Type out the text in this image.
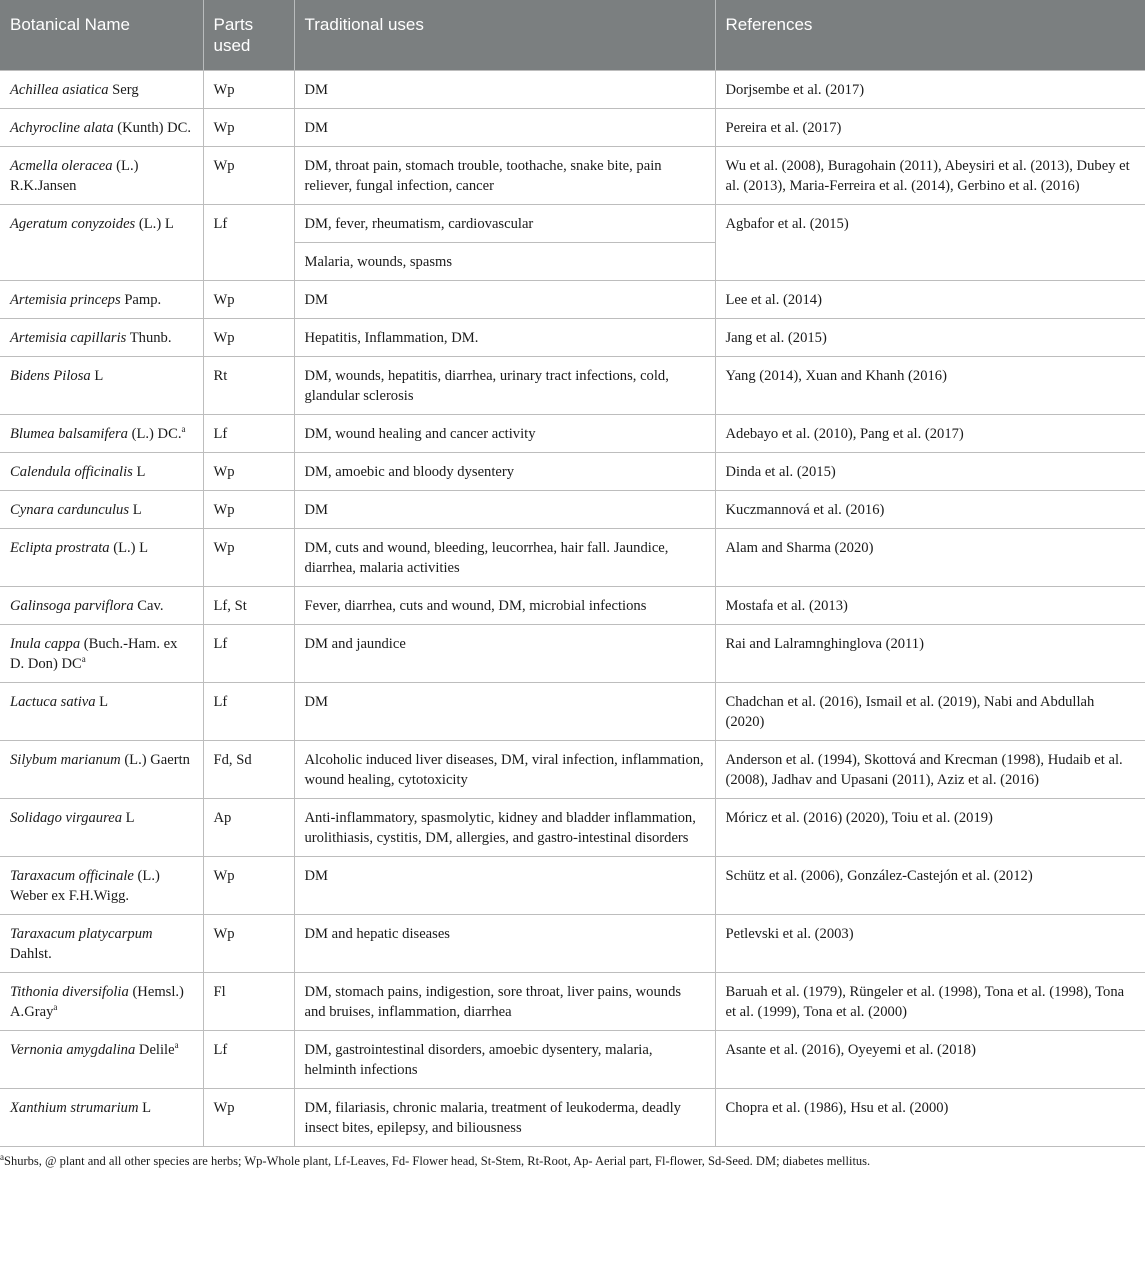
Botanical Name	Parts used	Traditional uses	References
Achillea asiatica Serg	Wp	DM	Dorjsembe et al. (2017)
Achyrocline alata (Kunth) DC.	Wp	DM	Pereira et al. (2017)
Acmella oleracea (L.) R.K.Jansen	Wp	DM, throat pain, stomach trouble, toothache, snake bite, pain reliever, fungal infection, cancer	Wu et al. (2008), Buragohain (2011), Abeysiri et al. (2013), Dubey et al. (2013), Maria-Ferreira et al. (2014), Gerbino et al. (2016)
Ageratum conyzoides (L.) L	Lf	DM, fever, rheumatism, cardiovascular	Agbafor et al. (2015)
		Malaria, wounds, spasms	
Artemisia princeps Pamp.	Wp	DM	Lee et al. (2014)
Artemisia capillaris Thunb.	Wp	Hepatitis, Inflammation, DM.	Jang et al. (2015)
Bidens Pilosa L	Rt	DM, wounds, hepatitis, diarrhea, urinary tract infections, cold, glandular sclerosis	Yang (2014), Xuan and Khanh (2016)
Blumea balsamifera (L.) DC.$^a$	Lf	DM, wound healing and cancer activity	Adebayo et al. (2010), Pang et al. (2017)
Calendula officinalis L	Wp	DM, amoebic and bloody dysentery	Dinda et al. (2015)
Cynara cardunculus L	Wp	DM	Kuczmannová et al. (2016)
Eclipta prostrata (L.) L	Wp	DM, cuts and wound, bleeding, leucorrhea, hair fall. Jaundice, diarrhea, malaria activities	Alam and Sharma (2020)
Galinsoga parviflora Cav.	Lf, St	Fever, diarrhea, cuts and wound, DM, microbial infections	Mostafa et al. (2013)
Inula cappa (Buch.-Ham. ex D. Don) $DC^a$	Lf	DM and jaundice	Rai and Lalramnghinglova (2011)
Lactuca sativa L	Lf	DM	Chadchan et al. (2016), Ismail et al. (2019), Nabi and Abdullah (2020)
Silybum marianum (L.) Gaertn	Fd, Sd	Alcoholic induced liver diseases, DM, viral infection, inflammation, wound healing, cytotoxicity	Anderson et al. (1994), Skottová and Krecman (1998), Hudaib et al. (2008), Jadhav and Upasani (2011), Aziz et al. (2016)
Solidago virgaurea L	Ap	Anti-inflammatory, spasmolytic, kidney and bladder inflammation, urolithiasis, cystitis, DM, allergies, and gastro-intestinal disorders	Móricz et al. (2016) (2020), Toiu et al. (2019)
Taraxacum officinale (L.) Weber ex F.H.Wigg.	Wp	DM	Schütz et al. (2006), González-Castejón et al. (2012)
Taraxacum platycarpum Dahlst.	Wp	DM and hepatic diseases	Petlevski et al. (2003)
Tithonia diversifolia (Hemsl.) A.Gray$^a$	Fl	DM, stomach pains, indigestion, sore throat, liver pains, wounds and bruises, inflammation, diarrhea	Baruah et al. (1979), Rüngeler et al. (1998), Tona et al. (1998), Tona et al. (1999), Tona et al. (2000)
Vernonia amygdalina Delile$^a$	Lf	DM, gastrointestinal disorders, amoebic dysentery, malaria, helminth infections	Asante et al. (2016), Oyeyemi et al. (2018)
Xanthium strumarium L	Wp	DM, filariasis, chronic malaria, treatment of leukoderma, deadly insect bites, epilepsy, and biliousness	Chopra et al. (1986), Hsu et al. (2000)
$^a$Shurbs, @ plant and all other species are herbs; Wp-Whole plant, Lf-Leaves, Fd- Flower head, St-Stem, Rt-Root, Ap- Aerial part, Fl-flower, Sd-Seed. DM; diabetes mellitus.
